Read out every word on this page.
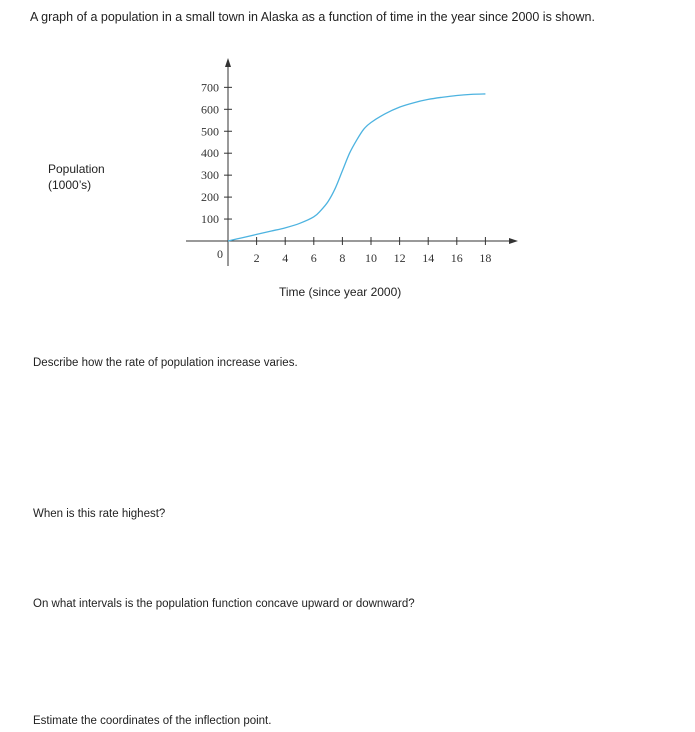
A graph of a population in a small town in Alaska as a function of time in the year since 2000 is shown.
Population
(1000’s)
100
200
300
400
500
600
700
2 4 6 8 10 12 14 16 18
0
Time (since year 2000)
Describe how the rate of population increase varies.
When is this rate highest?
On what intervals is the population function concave upward or downward?
Estimate the coordinates of the inflection point.
